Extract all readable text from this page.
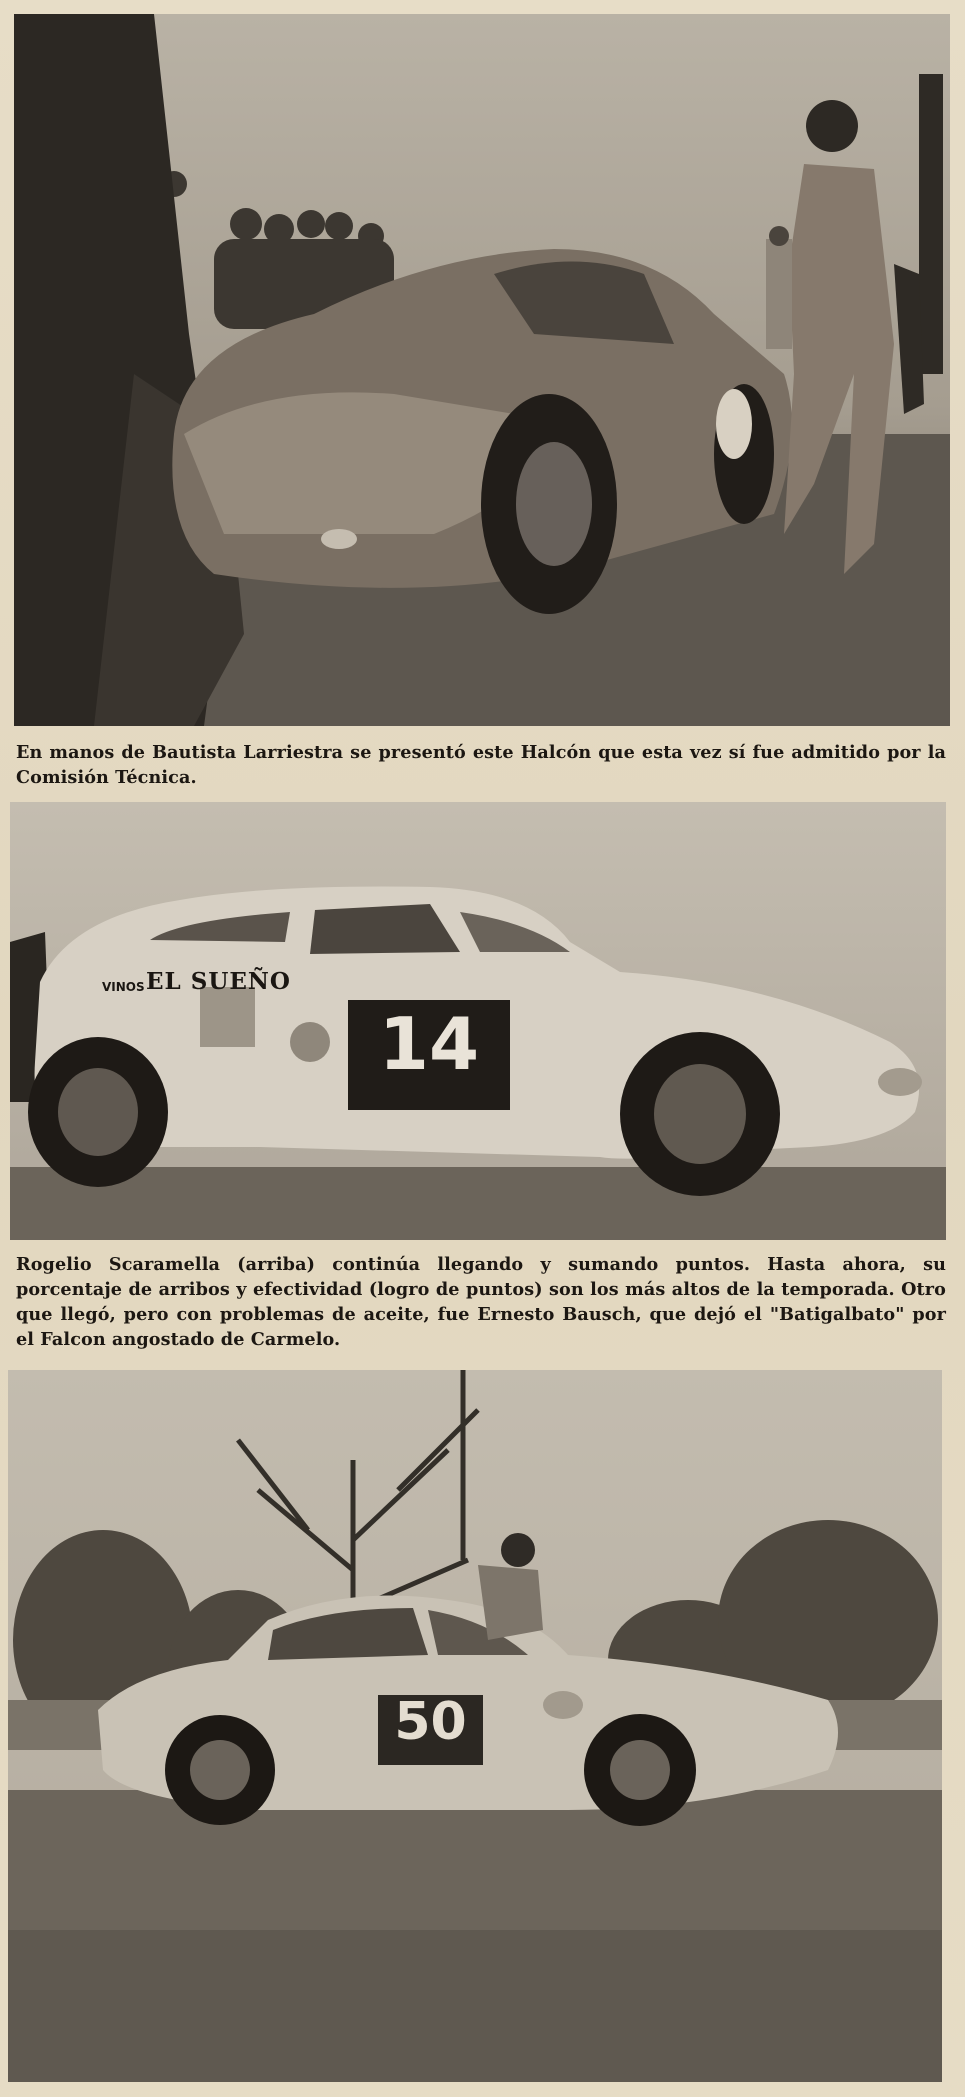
En manos de Bautista Larriestra se presentó este Halcón que esta vez sí fue admitido por la Comisión Técnica.

VINOS EL SUEÑO
14

Rogelio Scaramella (arriba) continúa llegando y sumando puntos. Hasta ahora, su porcentaje de arribos y efectividad (logro de puntos) son los más altos de la temporada. Otro que llegó, pero con problemas de aceite, fue Ernesto Bausch, que dejó el "Batigalbato" por el Falcon angostado de Carmelo.

50
